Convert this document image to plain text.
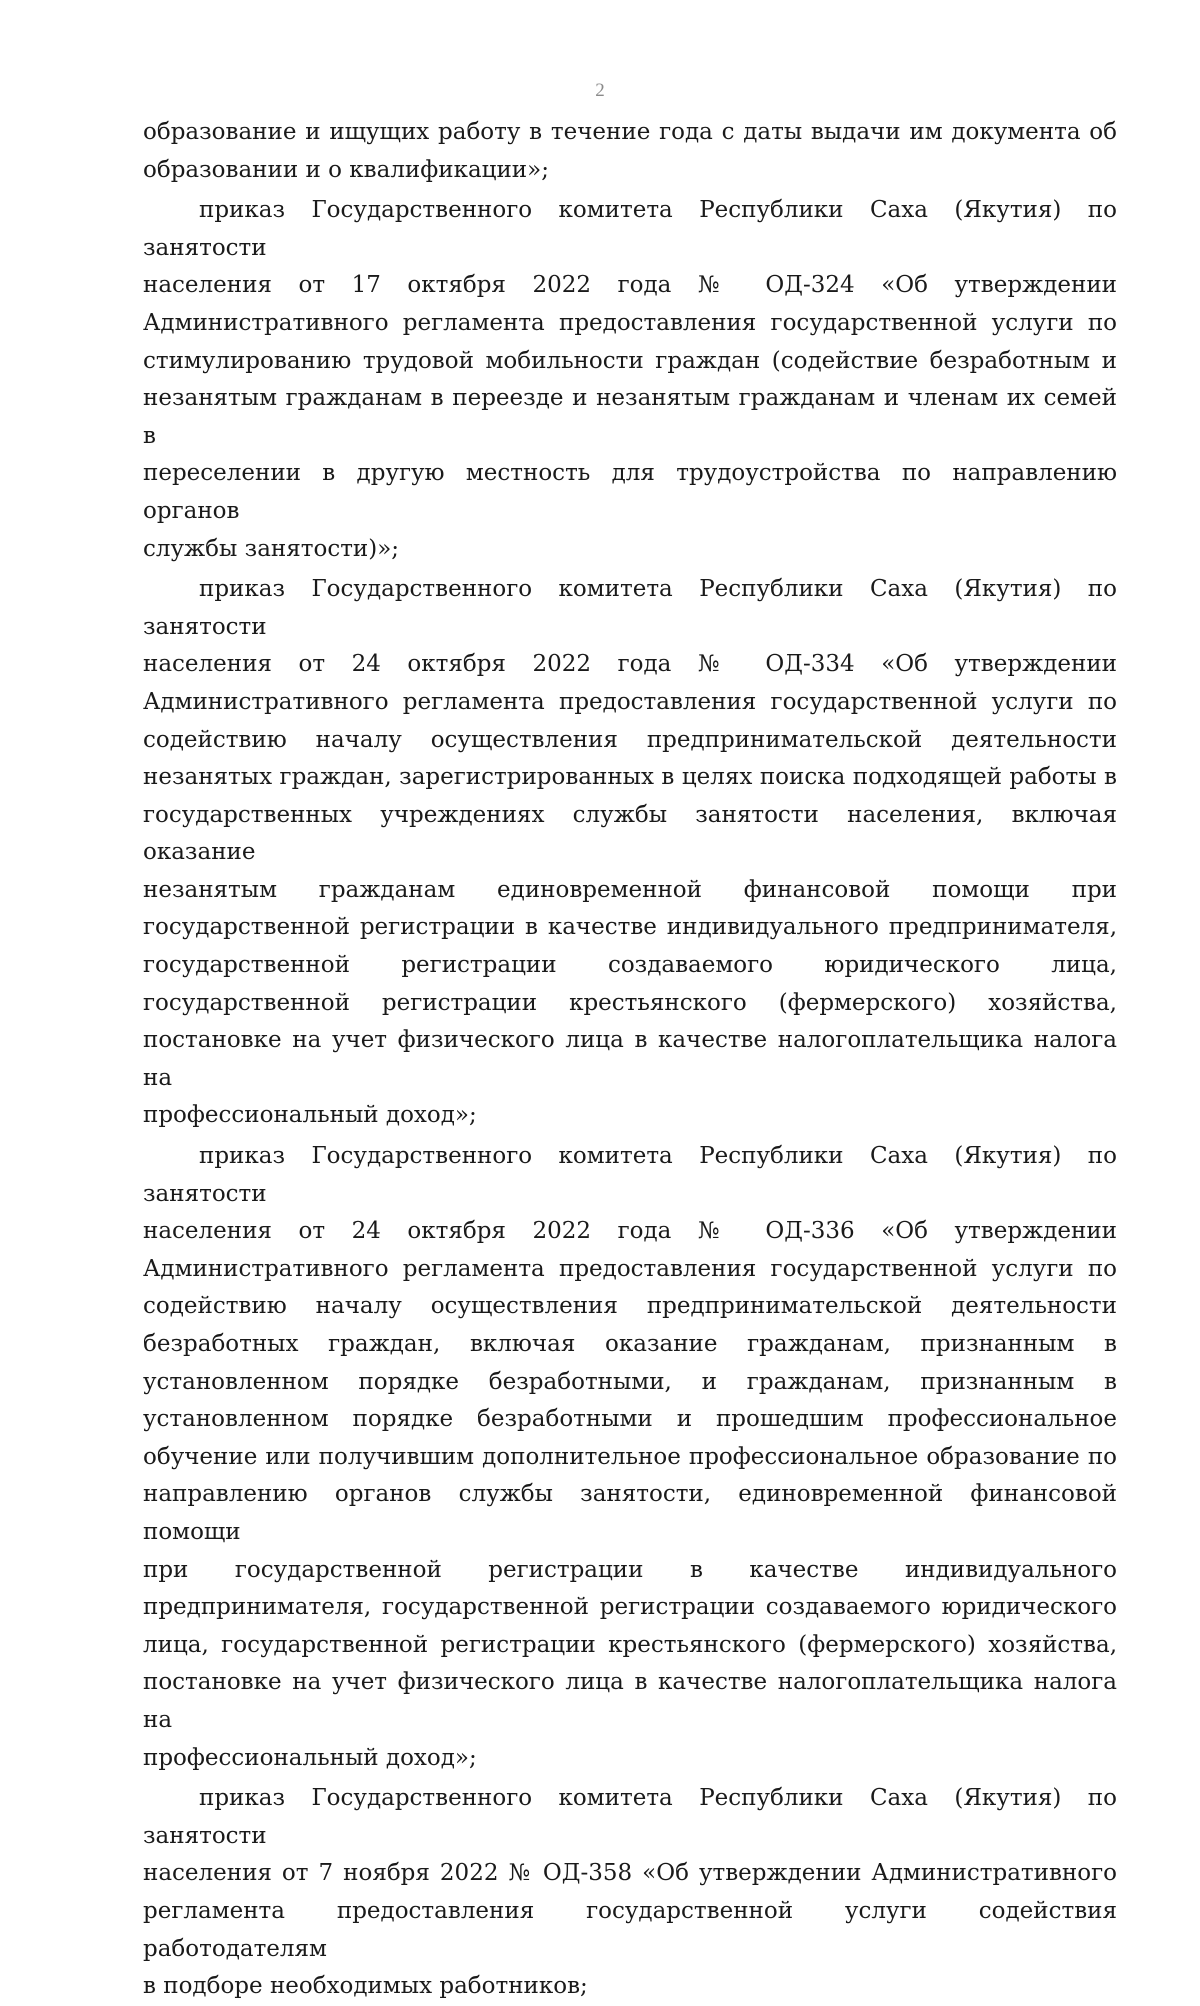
2
образование и ищущих работу в течение года с даты выдачи им документа об
образовании и о квалификации»;
приказ Государственного комитета Республики Саха (Якутия) по занятости
населения от 17 октября 2022 года № ОД-324 «Об утверждении
Административного регламента предоставления государственной услуги по
стимулированию трудовой мобильности граждан (содействие безработным и
незанятым гражданам в переезде и незанятым гражданам и членам их семей в
переселении в другую местность для трудоустройства по направлению органов
службы занятости)»;
приказ Государственного комитета Республики Саха (Якутия) по занятости
населения от 24 октября 2022 года № ОД-334 «Об утверждении
Административного регламента предоставления государственной услуги по
содействию началу осуществления предпринимательской деятельности
незанятых граждан, зарегистрированных в целях поиска подходящей работы в
государственных учреждениях службы занятости населения, включая оказание
незанятым гражданам единовременной финансовой помощи при
государственной регистрации в качестве индивидуального предпринимателя,
государственной регистрации создаваемого юридического лица,
государственной регистрации крестьянского (фермерского) хозяйства,
постановке на учет физического лица в качестве налогоплательщика налога на
профессиональный доход»;
приказ Государственного комитета Республики Саха (Якутия) по занятости
населения от 24 октября 2022 года № ОД-336 «Об утверждении
Административного регламента предоставления государственной услуги по
содействию началу осуществления предпринимательской деятельности
безработных граждан, включая оказание гражданам, признанным в
установленном порядке безработными, и гражданам, признанным в
установленном порядке безработными и прошедшим профессиональное
обучение или получившим дополнительное профессиональное образование по
направлению органов службы занятости, единовременной финансовой помощи
при государственной регистрации в качестве индивидуального
предпринимателя, государственной регистрации создаваемого юридического
лица, государственной регистрации крестьянского (фермерского) хозяйства,
постановке на учет физического лица в качестве налогоплательщика налога на
профессиональный доход»;
приказ Государственного комитета Республики Саха (Якутия) по занятости
населения от 7 ноября 2022 № ОД-358 «Об утверждении Административного
регламента предоставления государственной услуги содействия работодателям
в подборе необходимых работников;
